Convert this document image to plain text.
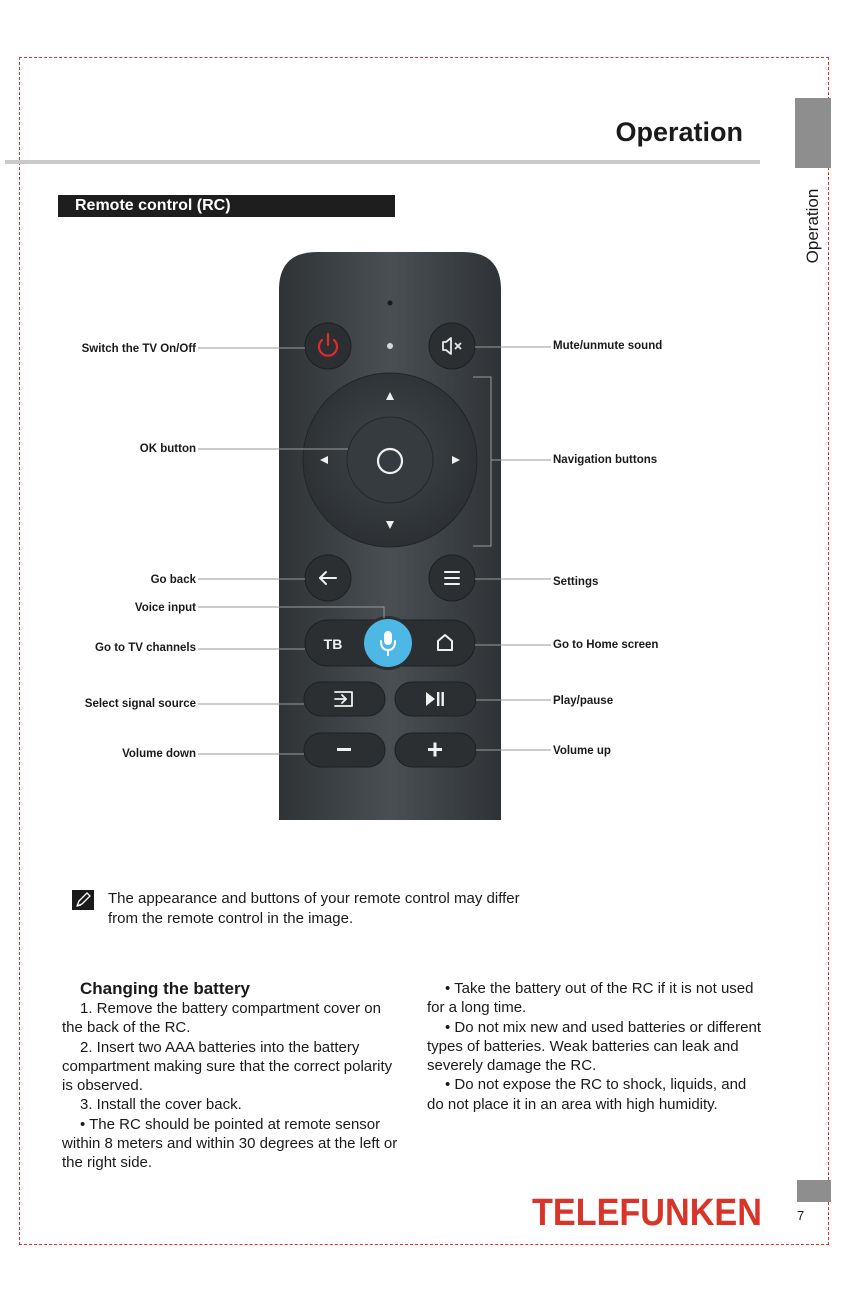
Operation
Operation
Remote control (RC)
TB
Switch the TV On/Off
OK button
Go back
Voice input
Go to TV channels
Select signal source
Volume down
Mute/unmute sound
Navigation buttons
Settings
Go to Home screen
Play/pause
Volume up
The appearance and buttons of your remote control may differ from the remote control in the image.

Changing the battery

1. Remove the battery compartment cover on the back of the RC.

2. Insert two AAA batteries into the battery compartment making sure that the correct polarity is observed.

3. Install the cover back.

• The RC should be pointed at remote sensor within 8 meters and within 30 degrees at the left or the right side.

• Take the battery out of the RC if it is not used for a long time.

• Do not mix new and used batteries or different types of batteries. Weak batteries can leak and severely damage the RC.

• Do not expose the RC to shock, liquids, and do not place it in an area with high humidity.

TELEFUNKEN	7
